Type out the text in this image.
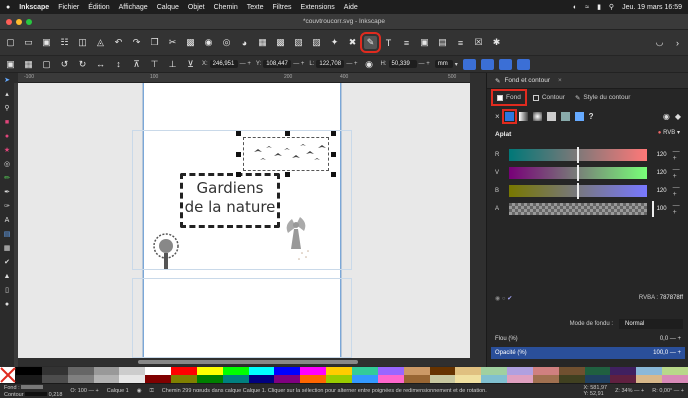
● Inkscape Fichier Édition Affichage Calque Objet Chemin Texte Filtres Extensions Aide	◐ ≈ ▮ ⚲ Jeu. 19 mars 16:59
*couvtroucorr.svg - Inkscape
▢ ▭ ▣ ☷ ◫	◬	↶	↷	❐	✂	▩ ◉ ◎	◕	▦ ▩ ▧ ▨	✦	✖	✎	T	≡	▣ ▤	≡	☒	✱	◡	›
▣ ▦ ▢	↺	↻	↔	↕	⊼	⊤ ⊥	⊻	X: 246,951 — + Y: 108,447 — + L: 122,708 — + ◉	H: 50,339	— +	mm	▾
➤
▴
⚲
■
●
★
◎
✏
✒
✑
A
▤
▦
✔
▲
▯
●
-100	100	200	400	500
Gardiens
de la nature
✎ Fond et contour ×
Fond	Contour ✎ Style du contour
×	?	◉ ◆
Aplat	● RVB ▾
R	120 — +
V	120 — +
B	120 — +
A	100 — +
◉ ○ ✔	RVBA : 787878ff
Mode de fondu :	Normal
Flou (%)	0,0 — +
Opacité (%)	100,0 — +
Fond :
Contour	0,218
O: 100 — + Calque 1 ◉ ⚿ Chemin 299 nœuds dans calque Calque 1. Cliquer sur la sélection pour alterner entre poignées de redimensionnement et de rotation.	X: 581,97
Y: 52,91	Z: 34% — + R: 0,00° — +
